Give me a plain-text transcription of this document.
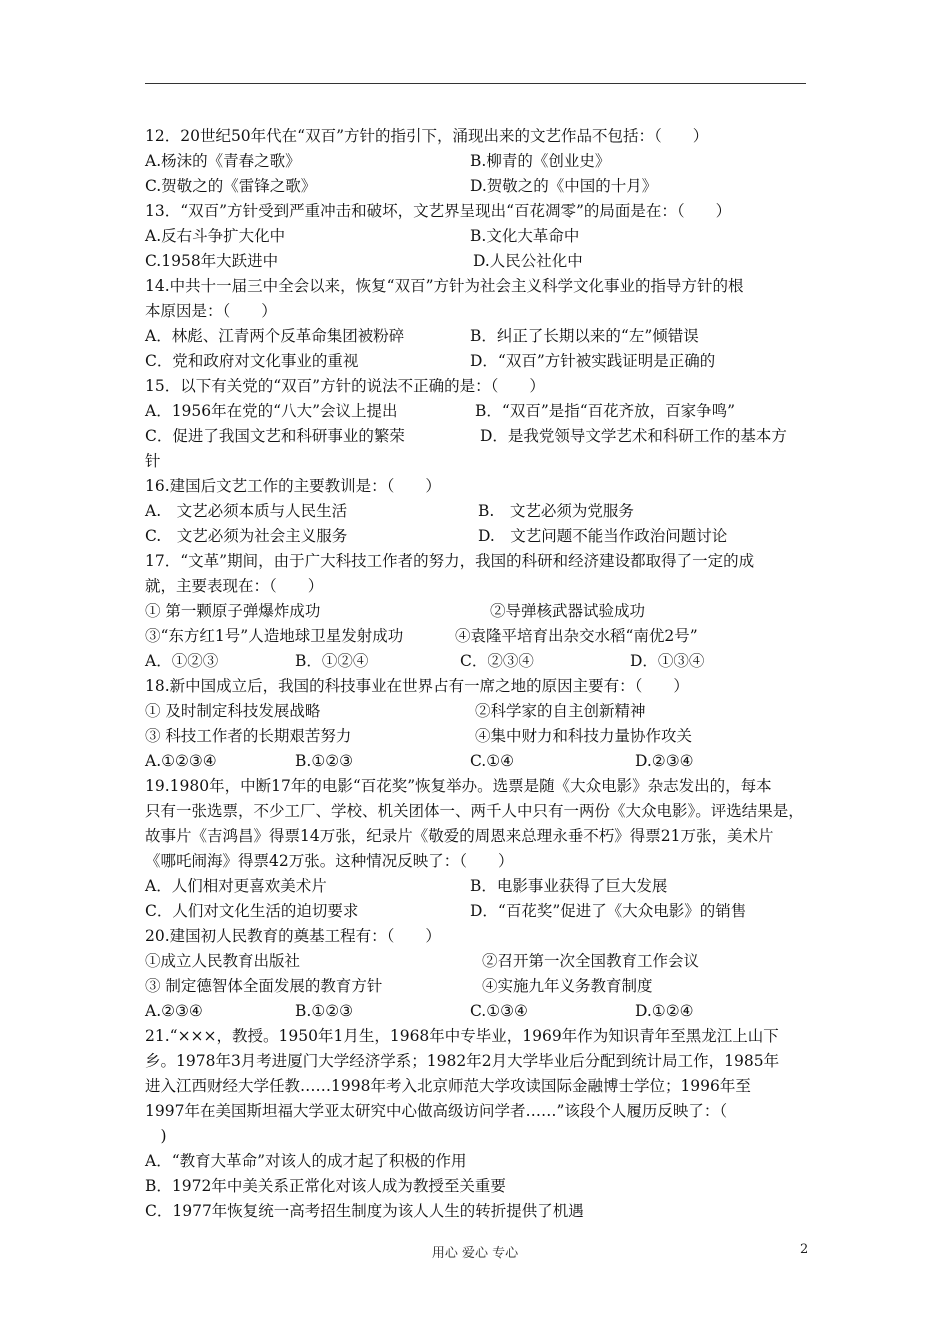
12．20世纪50年代在“双百”方针的指引下，涌现出来的文艺作品不包括：（　　）
A.杨沫的《青春之歌》	B.柳青的《创业史》
C.贺敬之的《雷锋之歌》	D.贺敬之的《中国的十月》
13．“双百”方针受到严重冲击和破坏，文艺界呈现出“百花凋零”的局面是在：（　　）
A.反右斗争扩大化中	B.文化大革命中
C.1958年大跃进中	D.人民公社化中
14.中共十一届三中全会以来，恢复“双百”方针为社会主义科学文化事业的指导方针的根
本原因是：（　　）
A．林彪、江青两个反革命集团被粉碎	B．纠正了长期以来的“左”倾错误
C．党和政府对文化事业的重视	D．“双百”方针被实践证明是正确的
15．以下有关党的“双百”方针的说法不正确的是：（　　）
A．1956年在党的“八大”会议上提出	B．“双百”是指“百花齐放，百家争鸣”
C．促进了我国文艺和科研事业的繁荣	D．是我党领导文学艺术和科研工作的基本方
针
16.建国后文艺工作的主要教训是：（　　）
A.　文艺必须本质与人民生活	B.　文艺必须为党服务
C.　文艺必须为社会主义服务	D.　文艺问题不能当作政治问题讨论
17．“文革”期间，由于广大科技工作者的努力，我国的科研和经济建设都取得了一定的成
就，主要表现在：（　　）
① 第一颗原子弹爆炸成功	②导弹核武器试验成功
③“东方红1号”人造地球卫星发射成功	④袁隆平培育出杂交水稻“南优2号”
A．①②③	B．①②④	C．②③④	D．①③④
18.新中国成立后，我国的科技事业在世界占有一席之地的原因主要有：（　　）
① 及时制定科技发展战略	②科学家的自主创新精神
③ 科技工作者的长期艰苦努力	④集中财力和科技力量协作攻关
A.①②③④	B.①②③	C.①④	D.②③④
19.1980年，中断17年的电影“百花奖”恢复举办。选票是随《大众电影》杂志发出的，每本
只有一张选票，不少工厂、学校、机关团体一、两千人中只有一两份《大众电影》。评选结果是，
故事片《吉鸿昌》得票14万张，纪录片《敬爱的周恩来总理永垂不朽》得票21万张，美术片
《哪吒闹海》得票42万张。这种情况反映了：（　　）
A．人们相对更喜欢美术片	B．电影事业获得了巨大发展
C．人们对文化生活的迫切要求	D．“百花奖”促进了《大众电影》的销售
20.建国初人民教育的奠基工程有：（　　）
①成立人民教育出版社	②召开第一次全国教育工作会议
③ 制定德智体全面发展的教育方针	④实施九年义务教育制度
A.②③④	B.①②③	C.①③④	D.①②④
21.“×××，教授。1950年1月生，1968年中专毕业，1969年作为知识青年至黑龙江上山下
乡。1978年3月考进厦门大学经济学系；1982年2月大学毕业后分配到统计局工作，1985年
进入江西财经大学任教……1998年考入北京师范大学攻读国际金融博士学位；1996年至
1997年在美国斯坦福大学亚太研究中心做高级访问学者……”该段个人履历反映了：（
　)
A．“教育大革命”对该人的成才起了积极的作用
B．1972年中美关系正常化对该人成为教授至关重要
C．1977年恢复统一高考招生制度为该人人生的转折提供了机遇
用心 爱心 专心	2
